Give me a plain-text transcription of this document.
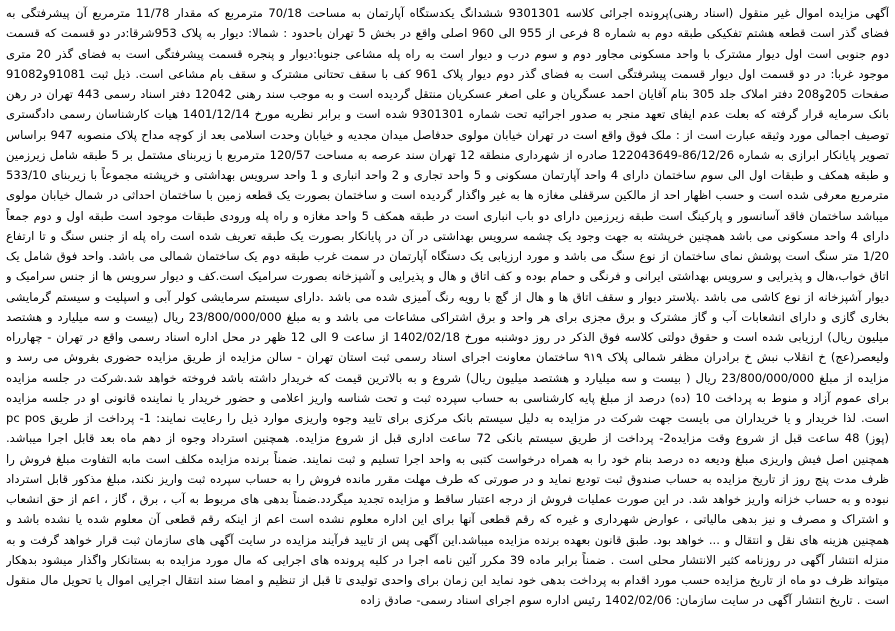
آگهی مزایده اموال غیر منقول (اسناد رهنی)پرونده اجرائی کلاسه 9301301 ششدانگ یکدستگاه آپارتمان به مساحت 70/18 مترمربع که مقدار 11/78 مترمربع آن پیشرفتگی به فضای گذر است قطعه هشتم تفکیکی طبقه دوم به شماره 8 فرعی از 955 الی 960 اصلی واقع در بخش 5 تهران باحدود : شمالا: دیوار به پلاک 953شرقا:در دو قسمت که قسمت دوم جنوبی است اول دیوار مشترک با واحد مسکونی مجاور دوم و سوم درب و دیوار است به راه پله مشاعی جنوبا:دیوار و پنجره قسمت پیشرفتگی است به فضای گذر 20 متری موجود غربا: در دو قسمت اول دیوار قسمت پیشرفتگی است به فضای گذر دوم دیوار پلاک 961 کف با سقف تحتانی مشترک و سقف بام مشاعی است. ذیل ثبت 91081و91082 صفحات 205و208 دفتر املاک جلد 305 بنام آقایان احمد عسگریان و علی اصغر عسکریان منتقل گردیده است و به موجب سند رهنی 12042 دفتر اسناد رسمی 443 تهران در رهن بانک سرمایه قرار گرفته که بعلت عدم ایفای تعهد منجر به صدور اجرائیه تحت شماره 9301301 شده است و برابر نظریه مورخ 1401/12/14 هیات کارشناسان رسمی دادگستری توصیف اجمالی مورد وثیقه عبارت است از : ملک فوق واقع است در تهران خیابان مولوی حدفاصل میدان مجدیه و خیابان وحدت اسلامی بعد از کوچه مداح پلاک منصوبه 947 براساس تصویر پایانکار ابرازی به شماره 86/12/26-122043649 صادره از شهرداری منطقه 12 تهران سند عرصه به مساحت 120/57 مترمربع با زیربنای مشتمل بر 5 طبقه شامل زیرزمین و طبقه همکف و طبقات اول الی سوم ساختمان دارای 4 واحد آپارتمان مسکونی و 5 واحد تجاری و 2 واحد انباری و 1 واحد سرویس بهداشتی و خرپشته مجموعاً با زیربنای 533/10 مترمربع معرفی شده است و حسب اظهار احد از مالکین سرقفلی مغازه ها به غیر واگذار گردیده است و ساختمان بصورت یک قطعه زمین با ساختمان احداثی در شمال خیابان مولوی میباشد ساختمان فاقد آسانسور و پارکینگ است طبقه زیرزمین دارای دو باب انباری است در طبقه همکف 5 واحد مغازه و راه پله ورودی طبقات موجود است طبقه اول و دوم جمعاً دارای 4 واحد مسکونی می باشد همچنین خرپشته به جهت وجود یک چشمه سرویس بهداشتی در آن در پایانکار بصورت یک طبقه تعریف شده است راه پله از جنس سنگ و تا ارتفاع 1/20 متر سنگ است پوشش نمای ساختمان از نوع سنگ می باشد و مورد ارزیابی یک دستگاه آپارتمان در سمت غرب طبقه دوم یک ساختمان شمالی می باشد. واحد فوق شامل یک اتاق خواب،هال و پذیرایی و سرویس بهداشتی ایرانی و فرنگی و حمام بوده و کف اتاق و هال و پذیرایی و آشپزخانه بصورت سرامیک است.کف و دیوار سرویس ها از جنس سرامیک و دیوار آشپزخانه از نوع کاشی می باشد .پلاستر دیوار و سقف اتاق ها و هال از گچ با رویه رنگ آمیزی شده می باشد .دارای سیستم سرمایشی کولر آبی و اسپلیت و سیستم گرمایشی بخاری گازی و دارای انشعابات آب و گاز مشترک و برق مجزی برای هر واحد و برق اشتراکی مشاعات می باشد و به مبلغ 23/800/000/000 ریال (بیست و سه میلیارد و هشتصد میلیون ریال) ارزیابی شده است و حقوق دولتی کلاسه فوق الذکر در روز دوشنبه مورخ 1402/02/18 از ساعت 9 الی 12 ظهر در محل اداره اسناد رسمی واقع در تهران - چهارراه ولیعصر(عج) خ انقلاب نبش خ برادران مظفر شمالی پلاک ۹۱۹ ساختمان معاونت اجرای اسناد رسمی ثبت استان تهران - سالن مزایده از طریق مزایده حضوری بفروش می رسد و مزایده از مبلغ 23/800/000/000 ریال ( بیست و سه میلیارد و هشتصد میلیون ریال) شروع و به بالاترین قیمت که خریدار داشته باشد فروخته خواهد شد.شرکت در جلسه مزایده برای عموم آزاد و منوط به پرداخت 10 (ده) درصد از مبلغ پایه کارشناسی به حساب سپرده ثبت و تحت شناسه واریز اعلامی و حضور خریدار یا نماینده قانونی او در جلسه مزایده است. لذا خریدار و یا خریداران می بایست جهت شرکت در مزایده به دلیل سیستم بانک مرکزی برای تایید وجوه واریزی موارد ذیل را رعایت نمایند: 1- پرداخت از طریق pc pos (پوز) 48 ساعت قبل از شروع وقت مزایده2- پرداخت از طریق سیستم بانکی 72 ساعت اداری قبل از شروع مزایده. همچنین استرداد وجوه از دهم ماه بعد قابل اجرا میباشد. همچنین اصل فیش واریزی مبلغ ودیعه ده درصد بنام خود را به همراه درخواست کتبی به واحد اجرا تسلیم و ثبت نمایند. ضمناً برنده مزایده مکلف است مابه التفاوت مبلغ فروش را ظرف مدت پنج روز از تاریخ مزایده به حساب صندوق ثبت تودیع نماید و در صورتی که طرف مهلت مقرر مانده فروش را به حساب سپرده ثبت واریز نکند، مبلغ مذکور قابل استرداد نبوده و به حساب خزانه واریز خواهد شد. در این صورت عملیات فروش از درجه اعتبار ساقط و مزایده تجدید میگردد.ضمناً بدهی های مربوط به آب ، برق ، گاز ، اعم از حق انشعاب و اشتراک و مصرف و نیز بدهی مالیاتی ، عوارض شهرداری و غیره که رقم قطعی آنها برای این اداره معلوم نشده است اعم از اینکه رقم قطعی آن معلوم شده یا نشده باشد و همچنین هزینه های نقل و انتقال و ... خواهد بود. طبق قانون بعهده برنده مزایده میباشد.این آگهی پس از تایید فرآیند مزایده در سایت آگهی های سازمان ثبت قرار خواهد گرفت و به منزله انتشار آگهی در روزنامه کثیر الانتشار محلی است . ضمناً برابر ماده 39 مکرر آئین نامه اجرا در کلیه پرونده های اجرایی که مال مورد مزایده به بستانکار واگذار میشود بدهکار میتواند ظرف دو ماه از تاریخ مزایده حسب مورد اقدام به پرداخت بدهی خود نماید این زمان برای واحدی تولیدی تا قبل از تنظیم و امضا سند انتقال اجرایی اموال یا تحویل مال منقول است . تاریخ انتشار آگهی در سایت سازمان: 1402/02/06 رئیس اداره سوم اجرای اسناد رسمی- صادق زاده
